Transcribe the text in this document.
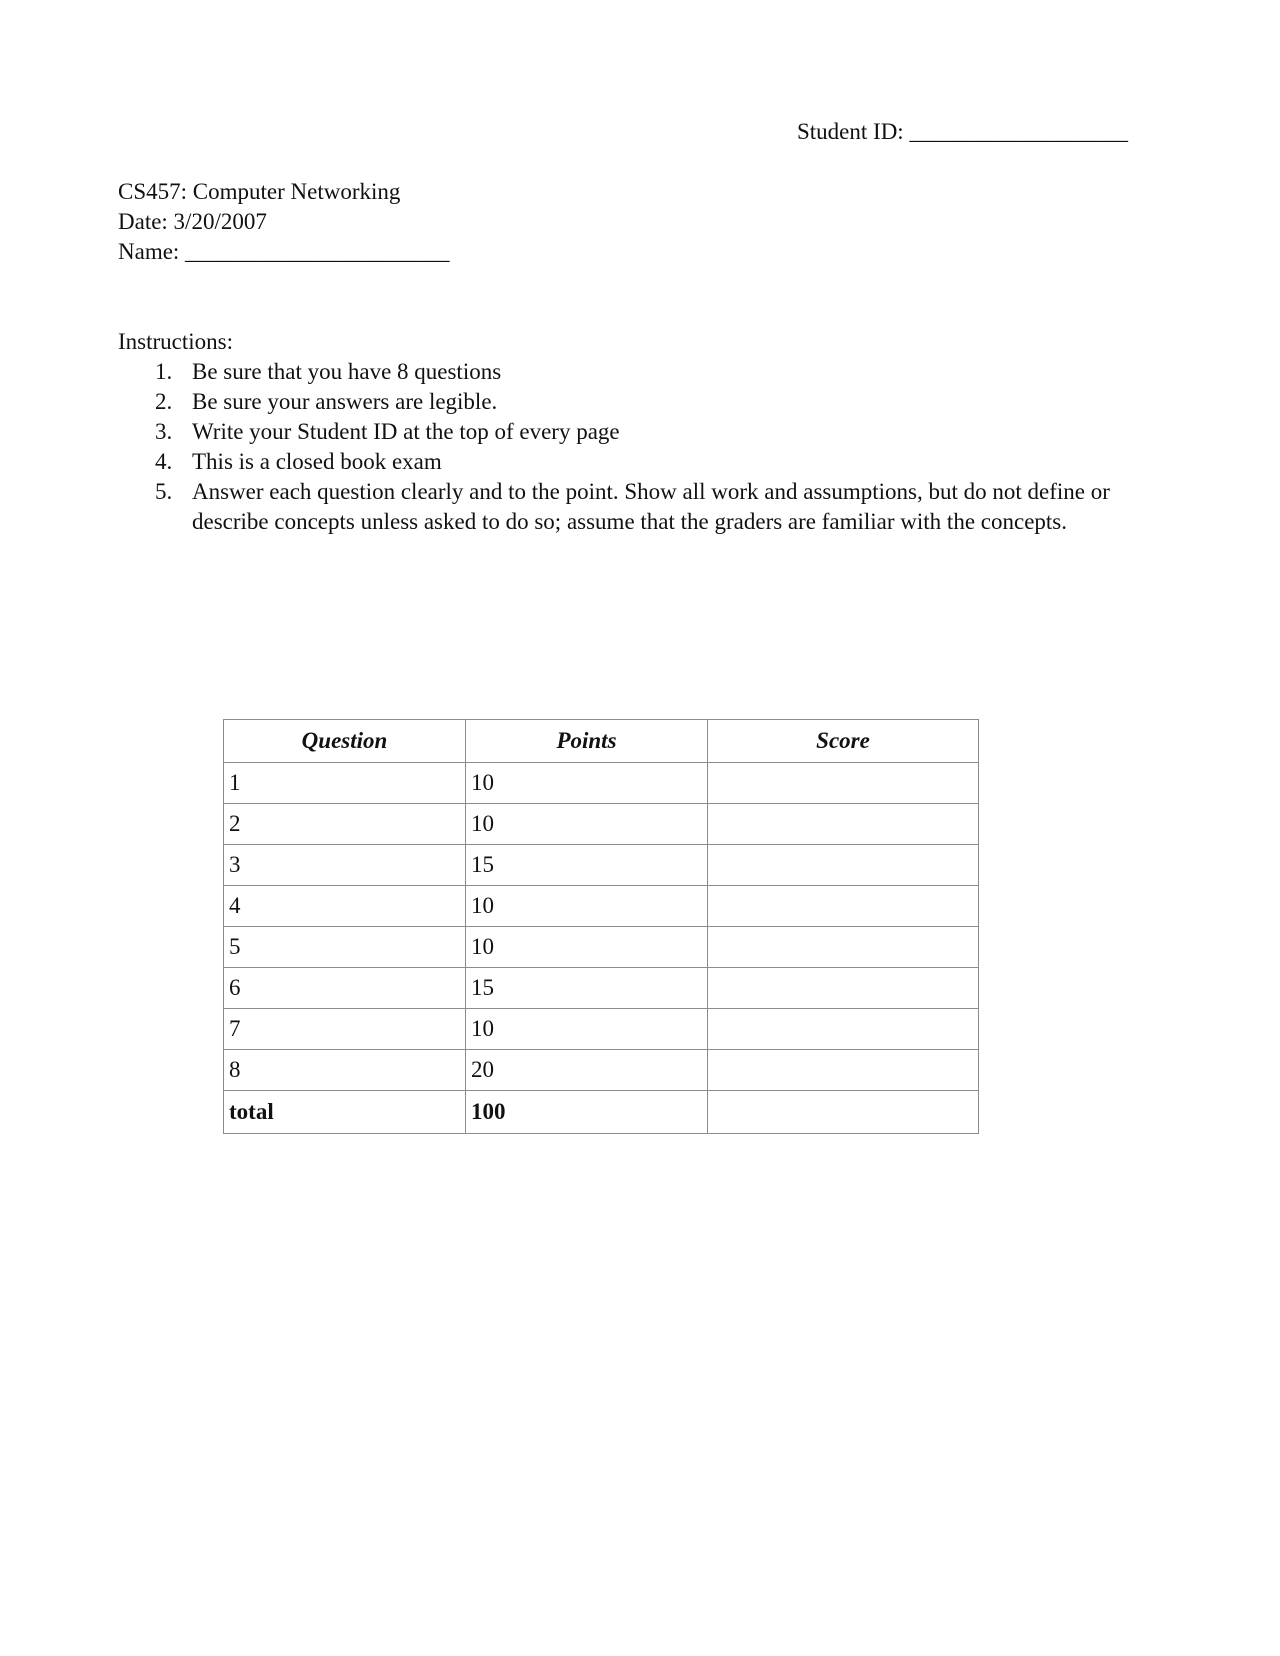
Student ID: ___________________
CS457: Computer Networking
Date: 3/20/2007
Name: _______________________
Instructions:
1. Be sure that you have 8 questions
2. Be sure your answers are legible.
3. Write your Student ID at the top of every page
4. This is a closed book exam
5. Answer each question clearly and to the point. Show all work and assumptions, but do not define or describe concepts unless asked to do so; assume that the graders are familiar with the concepts.
Question	Points	Score
1	10	
2	10	
3	15	
4	10	
5	10	
6	15	
7	10	
8	20	
total	100	
